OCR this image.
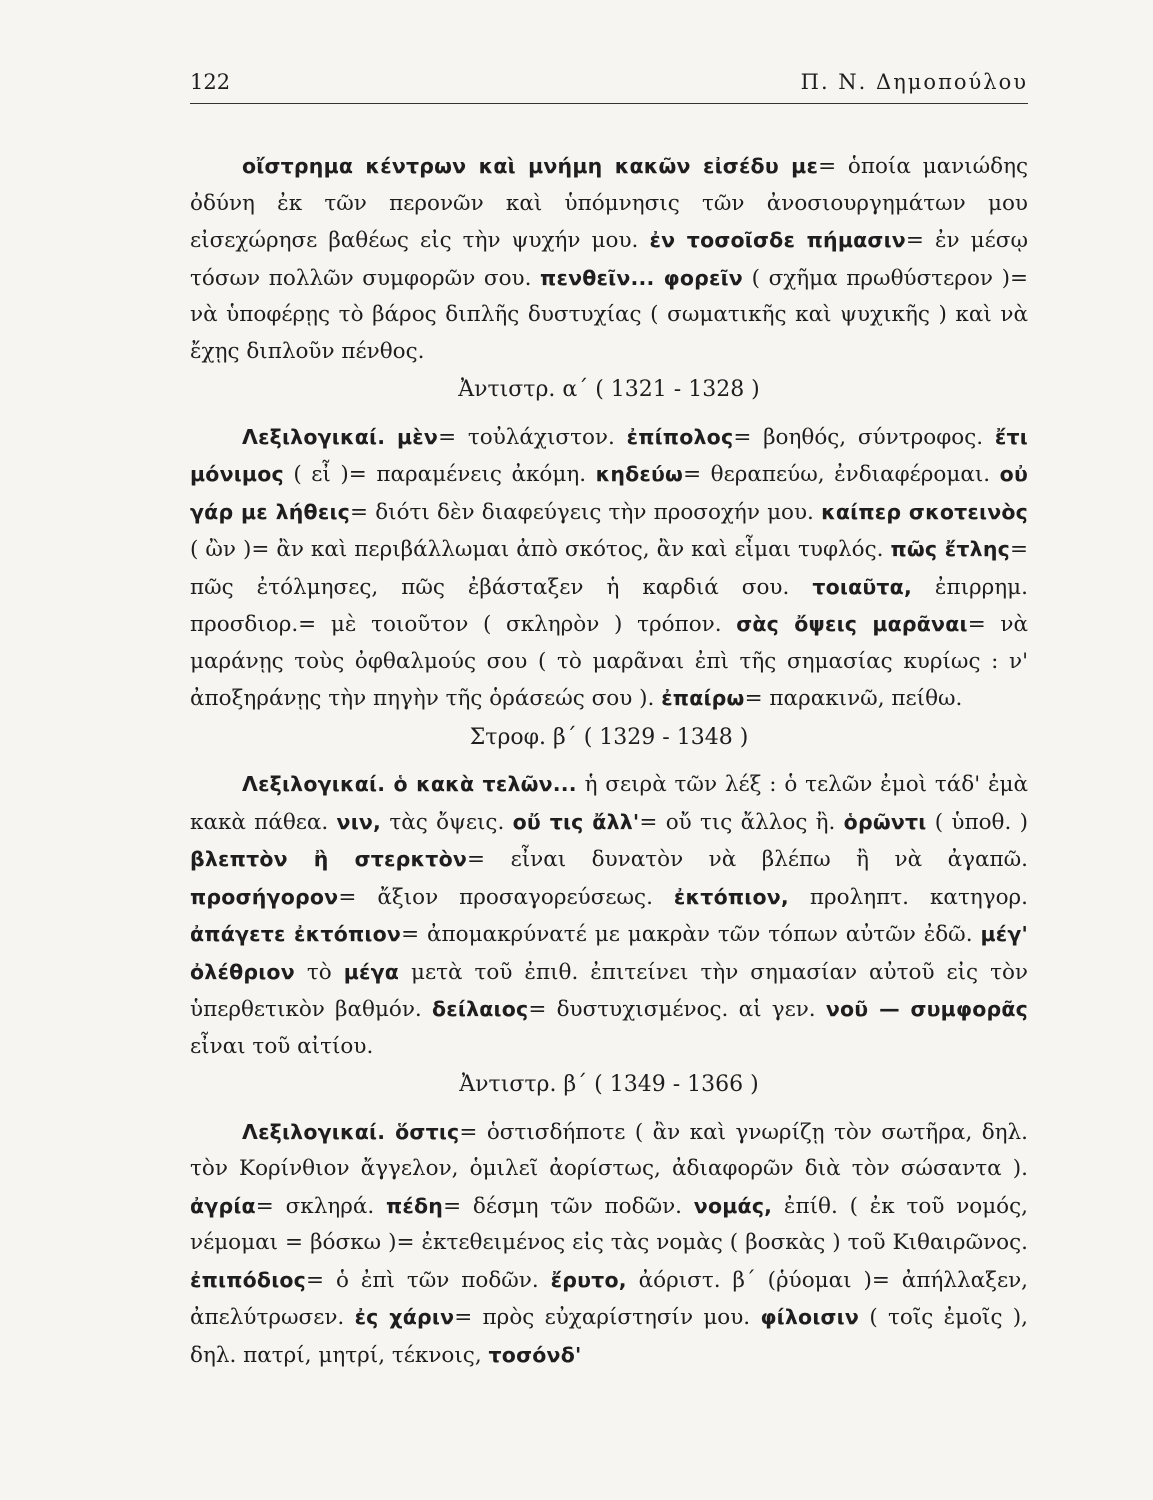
122	Π. Ν. Δημοπούλου

οἴστρημα κέντρων καὶ μνήμη κακῶν εἰσέδυ με= ὁποία μανιώδης ὀδύνη ἐκ τῶν περονῶν καὶ ὑπόμνησις τῶν ἀνοσιουργημάτων μου εἰσεχώρησε βαθέως εἰς τὴν ψυχήν μου. ἐν τοσοῖσδε πήμασιν= ἐν μέσῳ τόσων πολλῶν συμφορῶν σου. πενθεῖν... φορεῖν ( σχῆμα πρωθύστερον )= νὰ ὑποφέρῃς τὸ βάρος διπλῆς δυστυχίας ( σωματικῆς καὶ ψυχικῆς ) καὶ νὰ ἔχῃς διπλοῦν πένθος.

Ἀντιστρ. α΄ ( 1321 - 1328 )

Λεξιλογικαί. μὲν= τοὐλάχιστον. ἐπίπολος= βοηθός, σύντροφος. ἔτι μόνιμος ( εἶ )= παραμένεις ἀκόμη. κηδεύω= θεραπεύω, ἐνδιαφέρομαι. οὐ γάρ με λήθεις= διότι δὲν διαφεύγεις τὴν προσοχήν μου. καίπερ σκοτεινὸς ( ὢν )= ἂν καὶ περιβάλλωμαι ἀπὸ σκότος, ἂν καὶ εἶμαι τυφλός. πῶς ἔτλης= πῶς ἐτόλμησες, πῶς ἐβάσταξεν ἡ καρδιά σου. τοιαῦτα, ἐπιρρημ. προσδιορ.= μὲ τοιοῦτον ( σκληρὸν ) τρόπον. σὰς ὄψεις μαρᾶναι= νὰ μαράνῃς τοὺς ὀφθαλμούς σου ( τὸ μαρᾶναι ἐπὶ τῆς σημασίας κυρίως : ν' ἀποξηράνῃς τὴν πηγὴν τῆς ὁράσεώς σου ). ἐπαίρω= παρακινῶ, πείθω.

Στροφ. β΄ ( 1329 - 1348 )

Λεξιλογικαί. ὁ κακὰ τελῶν... ἡ σειρὰ τῶν λέξ : ὁ τελῶν ἐμοὶ τάδ' ἐμὰ κακὰ πάθεα. νιν, τὰς ὄψεις. οὔ τις ἄλλ'= οὔ τις ἄλλος ἢ. ὁρῶντι ( ὑποθ. ) βλεπτὸν ἢ στερκτὸν= εἶναι δυνατὸν νὰ βλέπω ἢ νὰ ἀγαπῶ. προσήγορον= ἄξιον προσαγορεύσεως. ἐκτόπιον, προληπτ. κατηγορ. ἀπάγετε ἐκτόπιον= ἀπομακρύνατέ με μακρὰν τῶν τόπων αὐτῶν ἐδῶ. μέγ' ὀλέθριον τὸ μέγα μετὰ τοῦ ἐπιθ. ἐπιτείνει τὴν σημασίαν αὐτοῦ εἰς τὸν ὑπερθετικὸν βαθμόν. δείλαιος= δυστυχισμένος. αἱ γεν. νοῦ — συμφορᾶς εἶναι τοῦ αἰτίου.

Ἀντιστρ. β΄ ( 1349 - 1366 )

Λεξιλογικαί. ὅστις= ὁστισδήποτε ( ἂν καὶ γνωρίζῃ τὸν σωτῆρα, δηλ. τὸν Κορίνθιον ἄγγελον, ὁμιλεῖ ἀορίστως, ἀδιαφορῶν διὰ τὸν σώσαντα ). ἀγρία= σκληρά. πέδη= δέσμη τῶν ποδῶν. νομάς, ἐπίθ. ( ἐκ τοῦ νομός, νέμομαι = βόσκω )= ἐκτεθειμένος εἰς τὰς νομὰς ( βοσκὰς ) τοῦ Κιθαιρῶνος. ἐπιπόδιος= ὁ ἐπὶ τῶν ποδῶν. ἔρυτο, ἀόριστ. β΄ (ῥύομαι )= ἀπήλλαξεν, ἀπελύτρωσεν. ἐς χάριν= πρὸς εὐχαρίστησίν μου. φίλοισιν ( τοῖς ἐμοῖς ), δηλ. πατρί, μητρί, τέκνοις, τοσόνδ'
